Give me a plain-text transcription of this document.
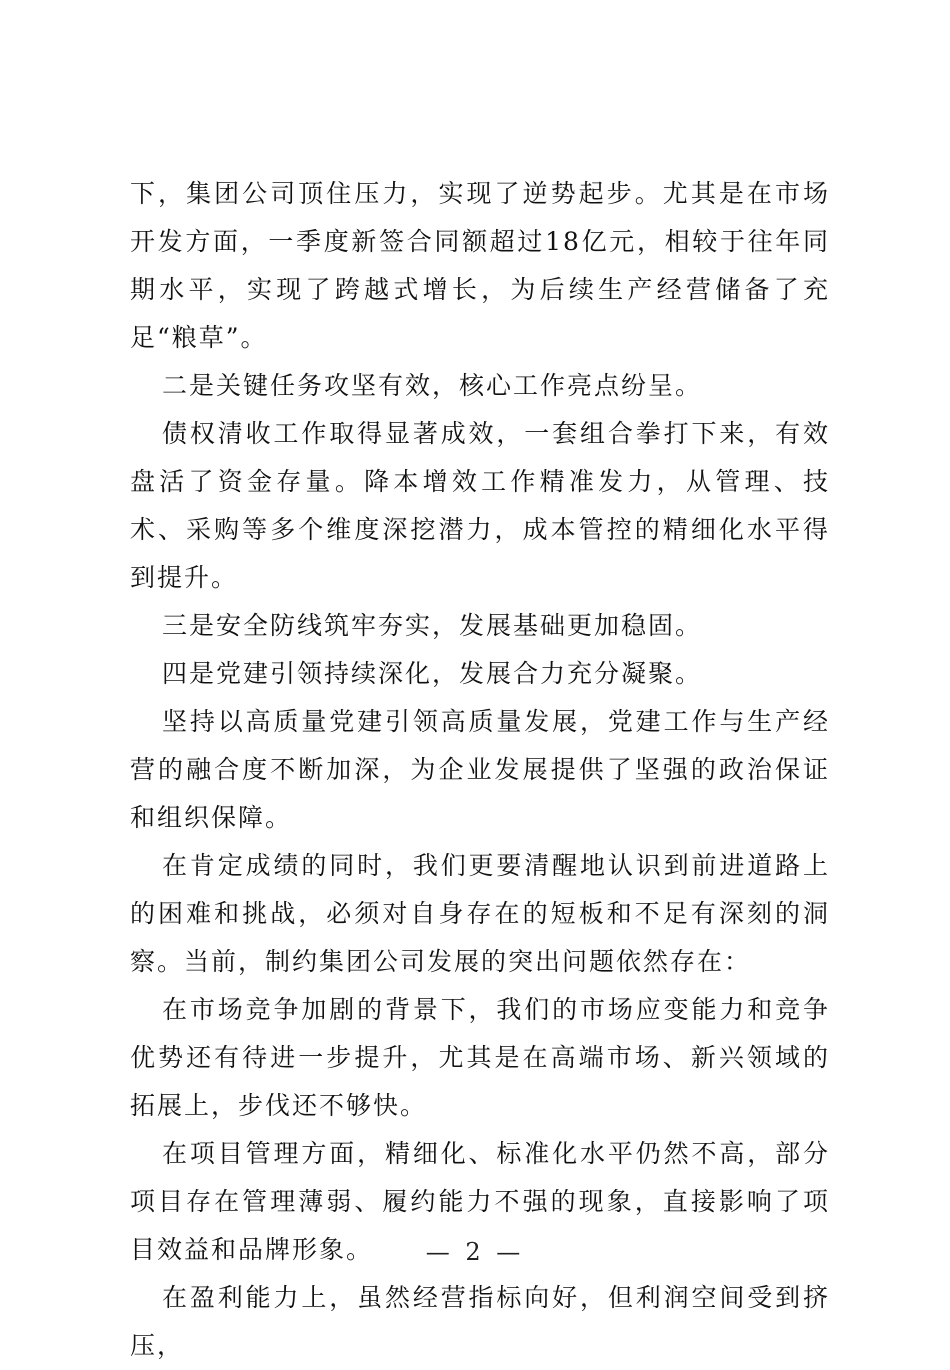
下，集团公司顶住压力，实现了逆势起步。尤其是在市场开发方面，一季度新签合同额超过18亿元，相较于往年同期水平，实现了跨越式增长，为后续生产经营储备了充足“粮草”。

二是关键任务攻坚有效，核心工作亮点纷呈。

债权清收工作取得显著成效，一套组合拳打下来，有效盘活了资金存量。降本增效工作精准发力，从管理、技术、采购等多个维度深挖潜力，成本管控的精细化水平得到提升。

三是安全防线筑牢夯实，发展基础更加稳固。

四是党建引领持续深化，发展合力充分凝聚。

坚持以高质量党建引领高质量发展，党建工作与生产经营的融合度不断加深，为企业发展提供了坚强的政治保证和组织保障。

在肯定成绩的同时，我们更要清醒地认识到前进道路上的困难和挑战，必须对自身存在的短板和不足有深刻的洞察。当前，制约集团公司发展的突出问题依然存在：

在市场竞争加剧的背景下，我们的市场应变能力和竞争优势还有待进一步提升，尤其是在高端市场、新兴领域的拓展上，步伐还不够快。

在项目管理方面，精细化、标准化水平仍然不高，部分项目存在管理薄弱、履约能力不强的现象，直接影响了项目效益和品牌形象。

在盈利能力上，虽然经营指标向好，但利润空间受到挤压，

— 2 —
